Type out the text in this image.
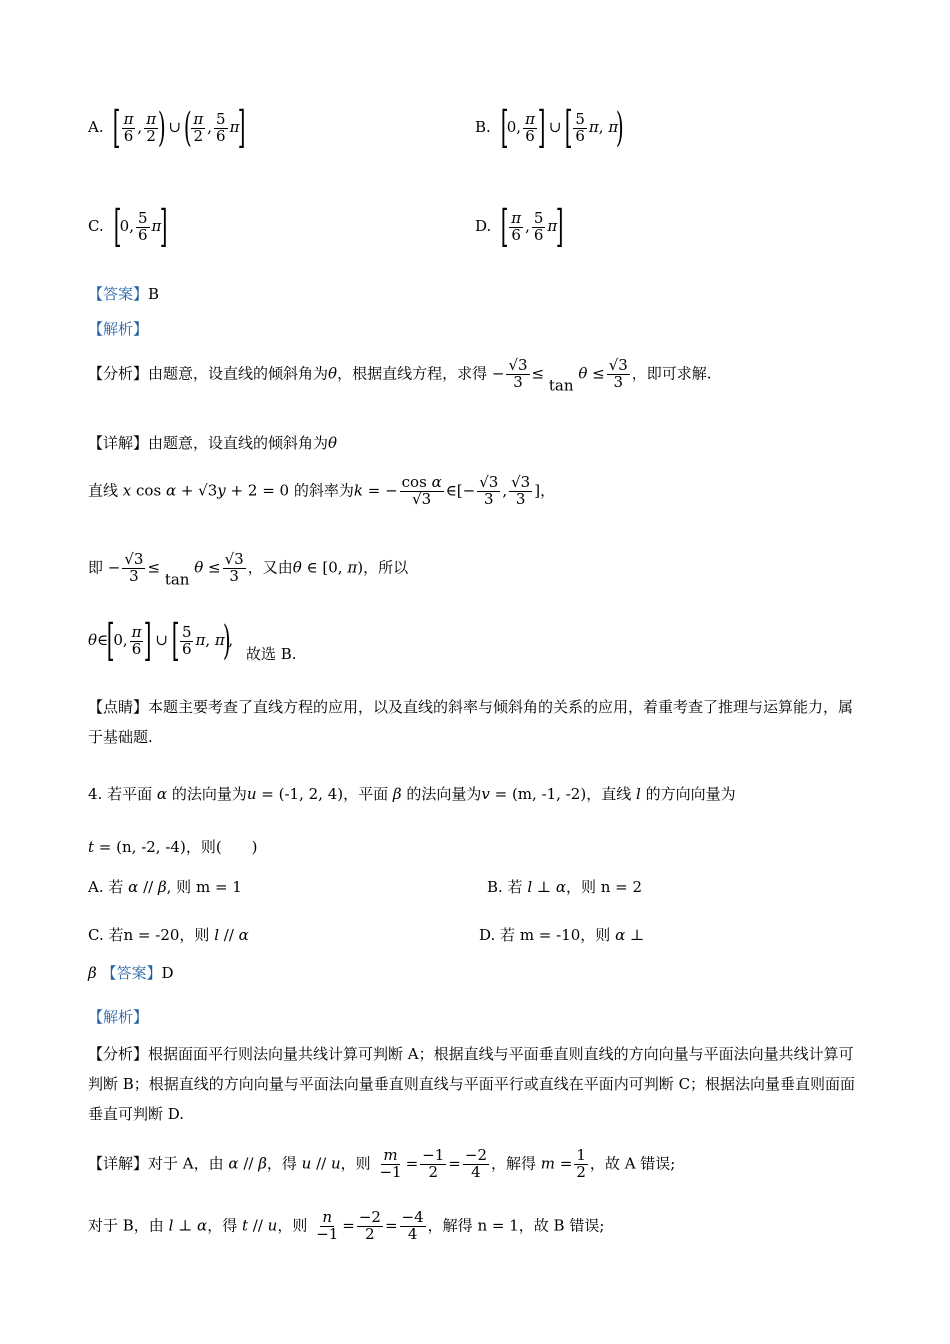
A. [ $\frac{\pi}{6}$ , $\frac{\pi}{2}$ ) ∪ ( $\frac{\pi}{2}$ , $\frac{5}{6} \pi$]	B. [0, $\frac{\pi}{6}$ ] ∪ [ $\frac{5}{6} \pi$, π)
C. [0, $\frac{5}{6} \pi$]	D. [ $\frac{\pi}{6}$ , $\frac{5}{6} \pi$]
【答案】B
【解析】
【分析】由题意，设直线的倾斜角为θ，根据直线方程，求得 − $\frac{√3}{3} \le \tan \theta \le \frac{√3}{3}$ ，即可求解.
【详解】由题意，设直线的倾斜角为θ
直线 x cos α + √3y + 2 = 0 的斜率为k = − $\frac{\text{cos α}}{√3}$ ∈[− $\frac{√3}{3}$ , $\frac{√3}{3}$ ]，
即 − $\frac{√3}{3} \le \tan \theta \le \frac{√3}{3}$ ，又由θ ∈ [0, π)，所以
θ∈[0, $\frac{\pi}{6}$ ] ∪ [ $\frac{5}{6} \pi$, π), 故选 B.
【点睛】本题主要考查了直线方程的应用，以及直线的斜率与倾斜角的关系的应用，着重考查了推理与运算能力，属于基础题.
4. 若平面 α 的法向量为u = (-1, 2, 4)，平面 β 的法向量为v = (m, -1, -2)，直线 l 的方向向量为
t = (n, -2, -4)，则(　　)
A. 若 α // β, 则 m = 1	B. 若 l ⊥ α，则 n = 2
C. 若n = -20，则 l // α	D. 若 m = -10，则 α ⊥
β 【答案】D
【解析】
【分析】根据面面平行则法向量共线计算可判断 A；根据直线与平面垂直则直线的方向向量与平面法向量共线计算可判断 B；根据直线的方向向量与平面法向量垂直则直线与平面平行或直线在平面内可判断 C；根据法向量垂直则面面垂直可判断 D.
【详解】对于 A，由 α // β，得 u // u，则 $\frac{m}{-1} = \frac{-1}{2} = \frac{-2}{4}$ ，解得 $m = \frac{1}{2}$ ，故 A 错误;
对于 B，由 l ⊥ α，得 t // u，则 $\frac{n}{-1} = \frac{-2}{2} = \frac{-4}{4}$ ，解得 n = 1，故 B 错误;
